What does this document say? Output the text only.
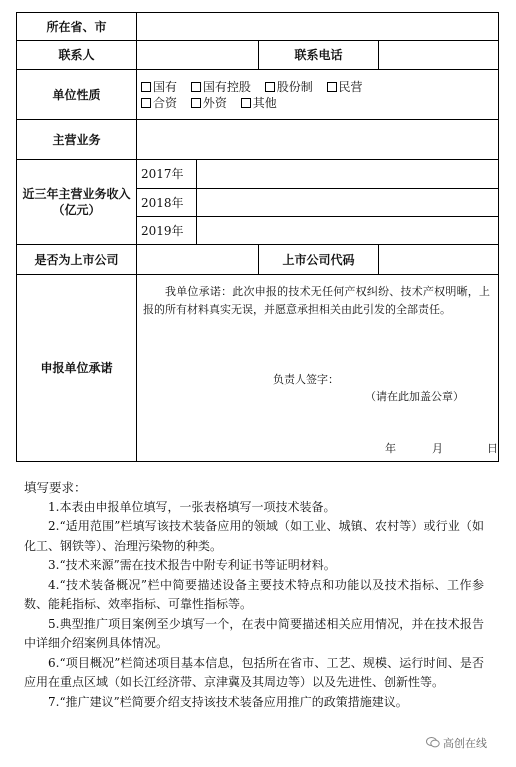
所在省、市				
联系人			联系电话	
单位性质	国有 国有控股 股份制 民营
合资 外资 其他			

主营业务				
近三年主营业务收入（亿元）	2017年			
	2018年			
	2019年			
是否为上市公司			上市公司代码	
申报单位承诺	我单位承诺：此次申报的技术无任何产权纠纷、技术产权明晰，上报的所有材料真实无误，并愿意承担相关由此引发的全部责任。
负责人签字：
（请在此加盖公章）
年 月 日			
填写要求：

1.本表由申报单位填写，一张表格填写一项技术装备。

2.“适用范围”栏填写该技术装备应用的领域（如工业、城镇、农村等）或行业（如化工、钢铁等）、治理污染物的种类。

3.“技术来源”需在技术报告中附专利证书等证明材料。

4.“技术装备概况”栏中简要描述设备主要技术特点和功能以及技术指标、工作参数、能耗指标、效率指标、可靠性指标等。

5.典型推广项目案例至少填写一个，在表中简要描述相关应用情况，并在技术报告中详细介绍案例具体情况。

6.“项目概况”栏简述项目基本信息，包括所在省市、工艺、规模、运行时间、是否应用在重点区域（如长江经济带、京津冀及其周边等）以及先进性、创新性等。

7.“推广建议”栏简要介绍支持该技术装备应用推广的政策措施建议。

高创在线
